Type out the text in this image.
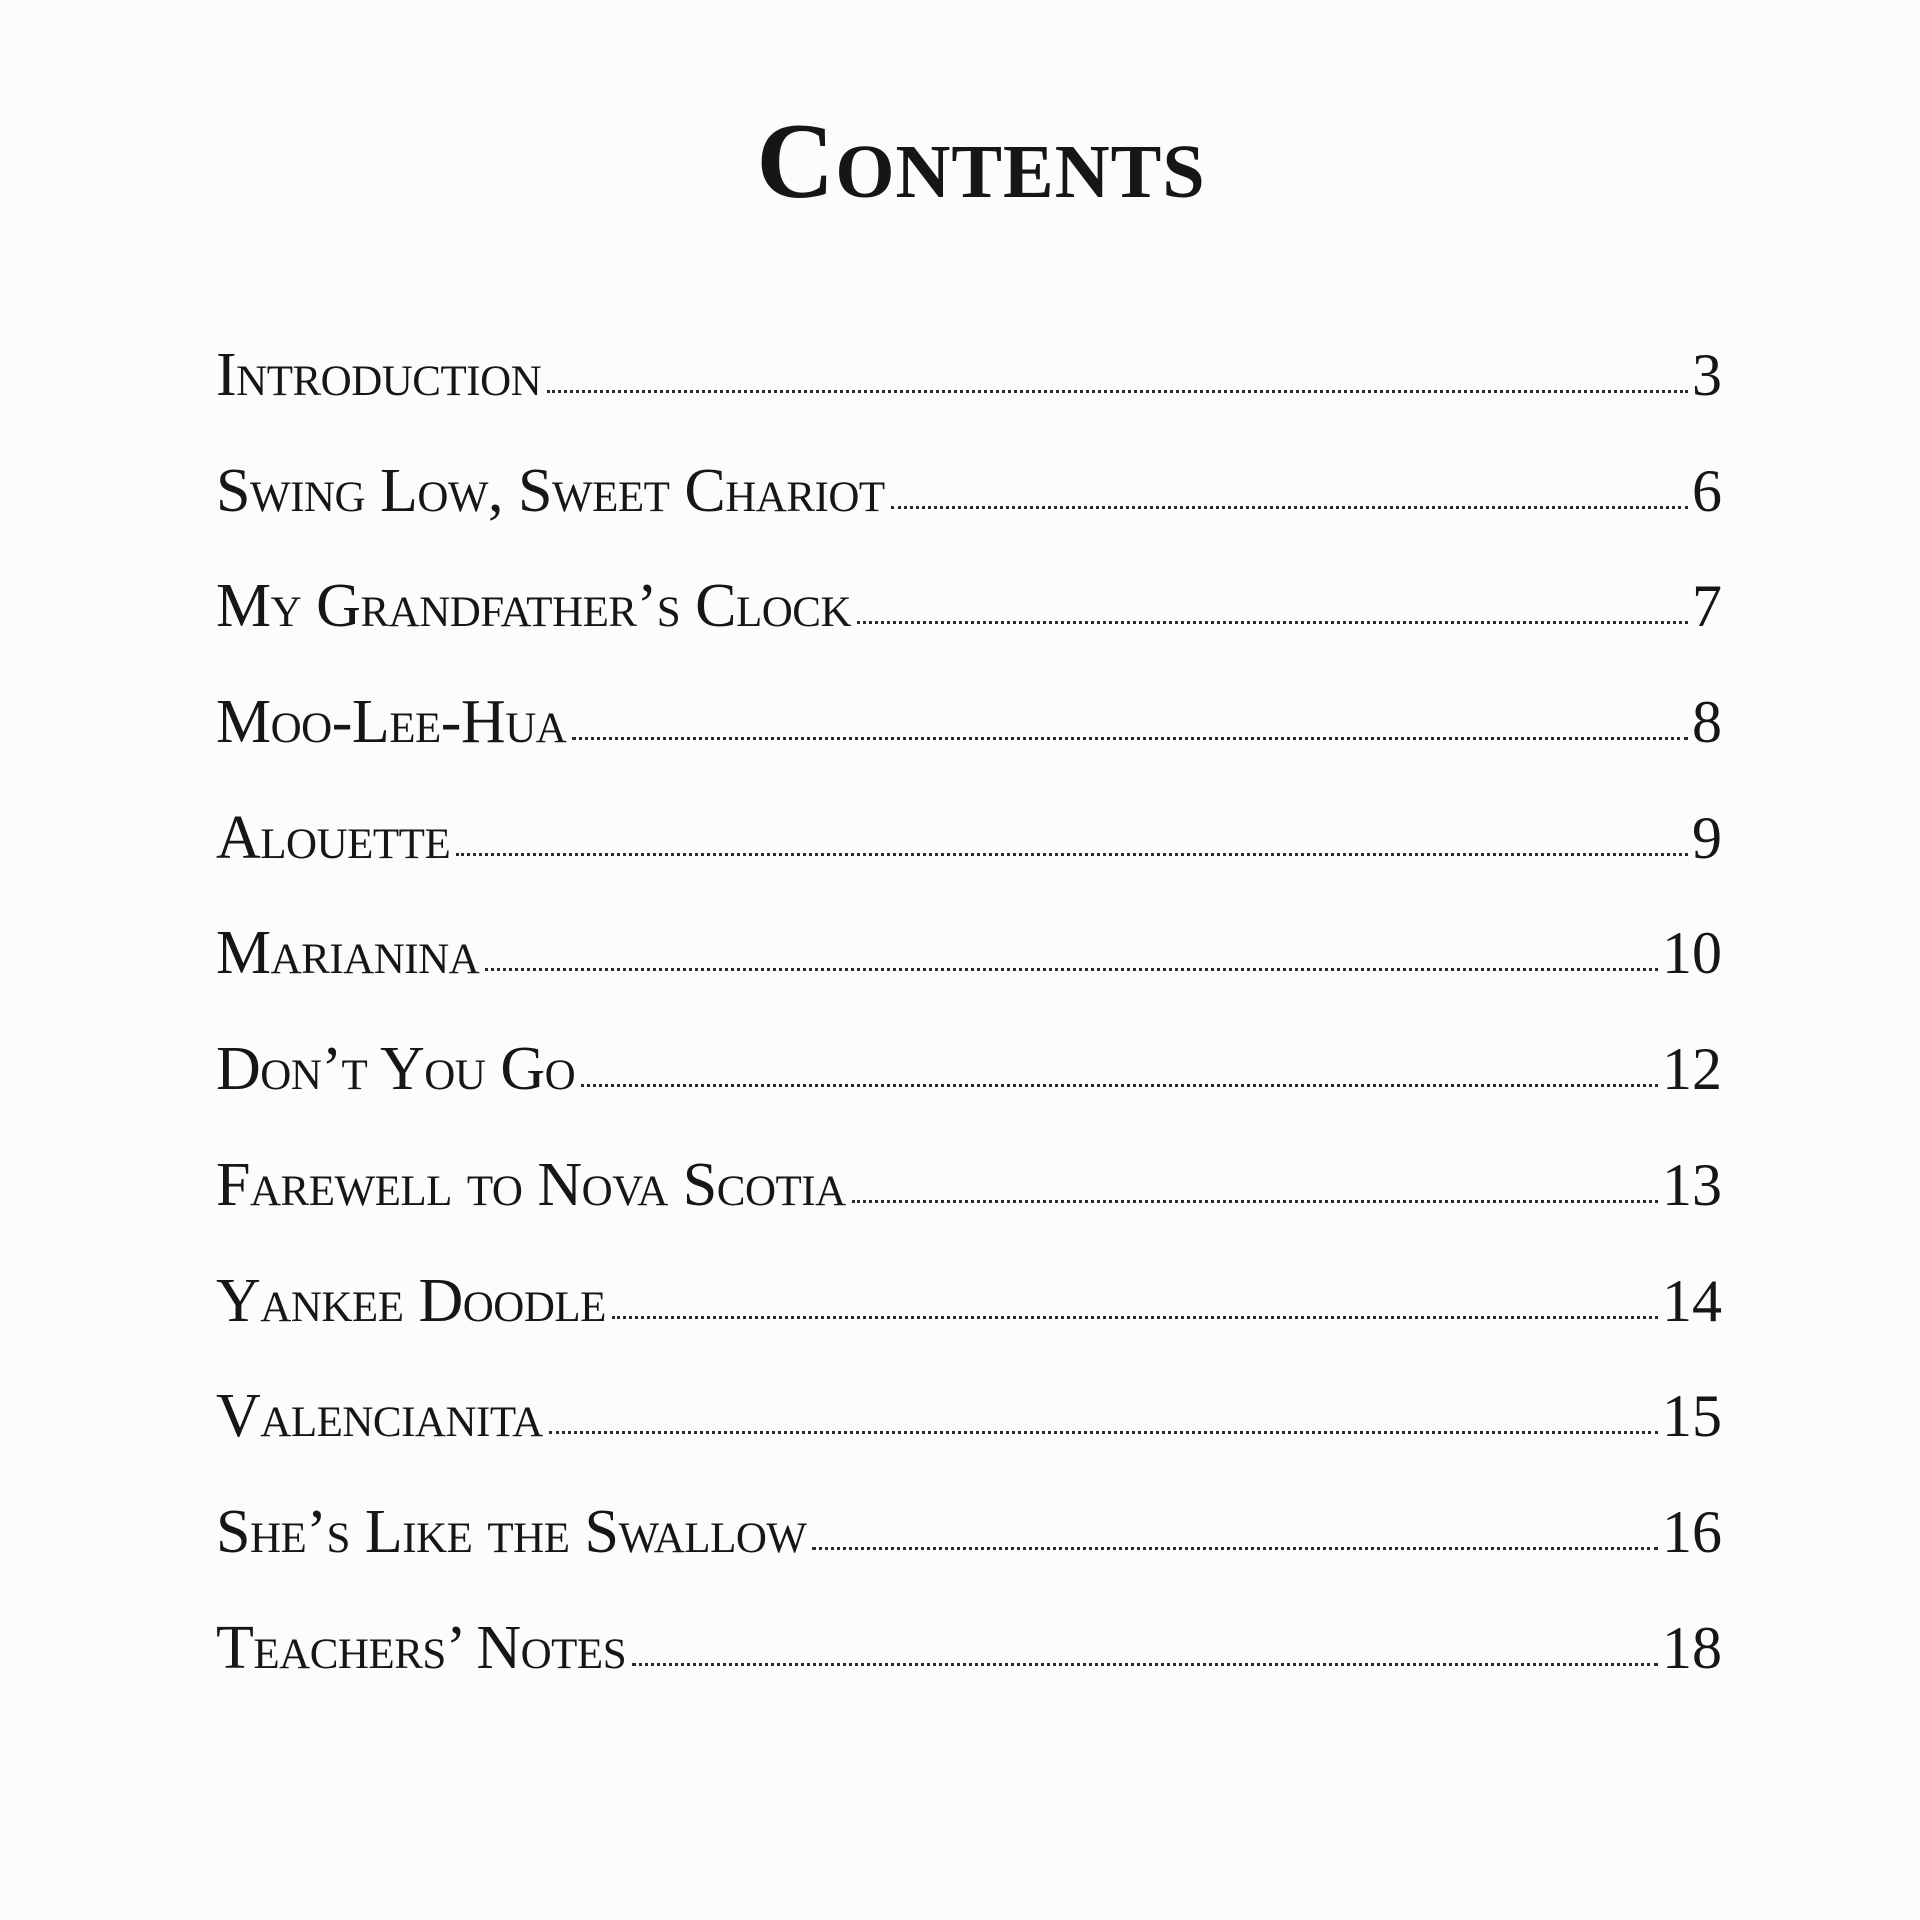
Contents
Introduction	3
Swing Low, Sweet Chariot	6
My Grandfather’s Clock	7
Moo-Lee-Hua	8
Alouette	9
Marianina	10
Don’t You Go	12
Farewell to Nova Scotia	13
Yankee Doodle	14
Valencianita	15
She’s Like the Swallow	16
Teachers’ Notes	18
